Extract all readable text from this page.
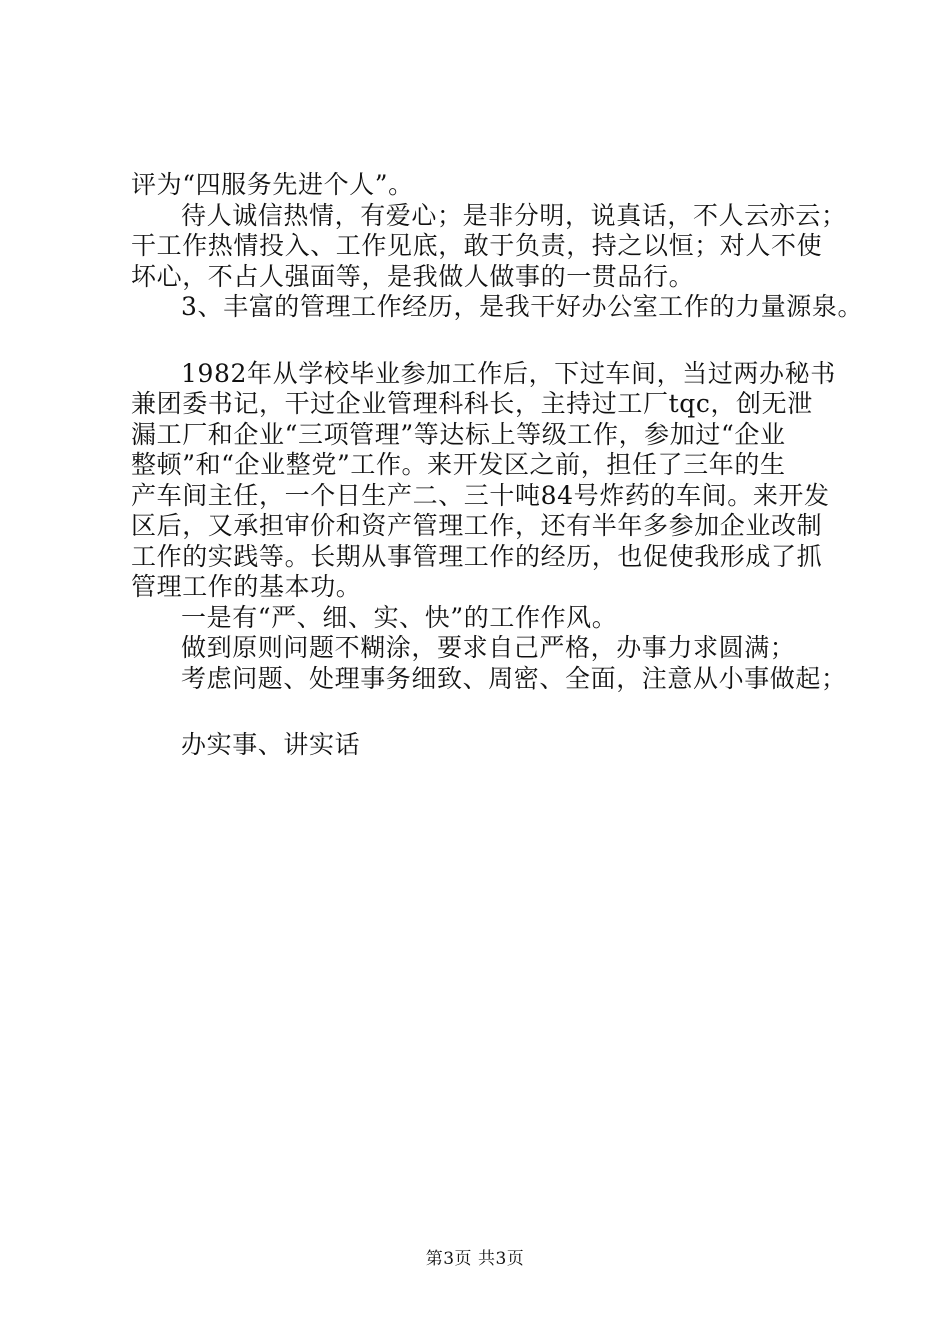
评为“四服务先进个人”。
待人诚信热情，有爱心；是非分明，说真话，不人云亦云；
干工作热情投入、工作见底，敢于负责，持之以恒；对人不使
坏心，不占人强面等，是我做人做事的一贯品行。
3、丰富的管理工作经历，是我干好办公室工作的力量源泉。
1982年从学校毕业参加工作后，下过车间，当过两办秘书
兼团委书记，干过企业管理科科长，主持过工厂tqc，创无泄
漏工厂和企业“三项管理”等达标上等级工作，参加过“企业
整顿”和“企业整党”工作。来开发区之前，担任了三年的生
产车间主任，一个日生产二、三十吨84号炸药的车间。来开发
区后，又承担审价和资产管理工作，还有半年多参加企业改制
工作的实践等。长期从事管理工作的经历，也促使我形成了抓
管理工作的基本功。
一是有“严、细、实、快”的工作作风。
做到原则问题不糊涂，要求自己严格，办事力求圆满；
考虑问题、处理事务细致、周密、全面，注意从小事做起；
办实事、讲实话
第3页 共3页
